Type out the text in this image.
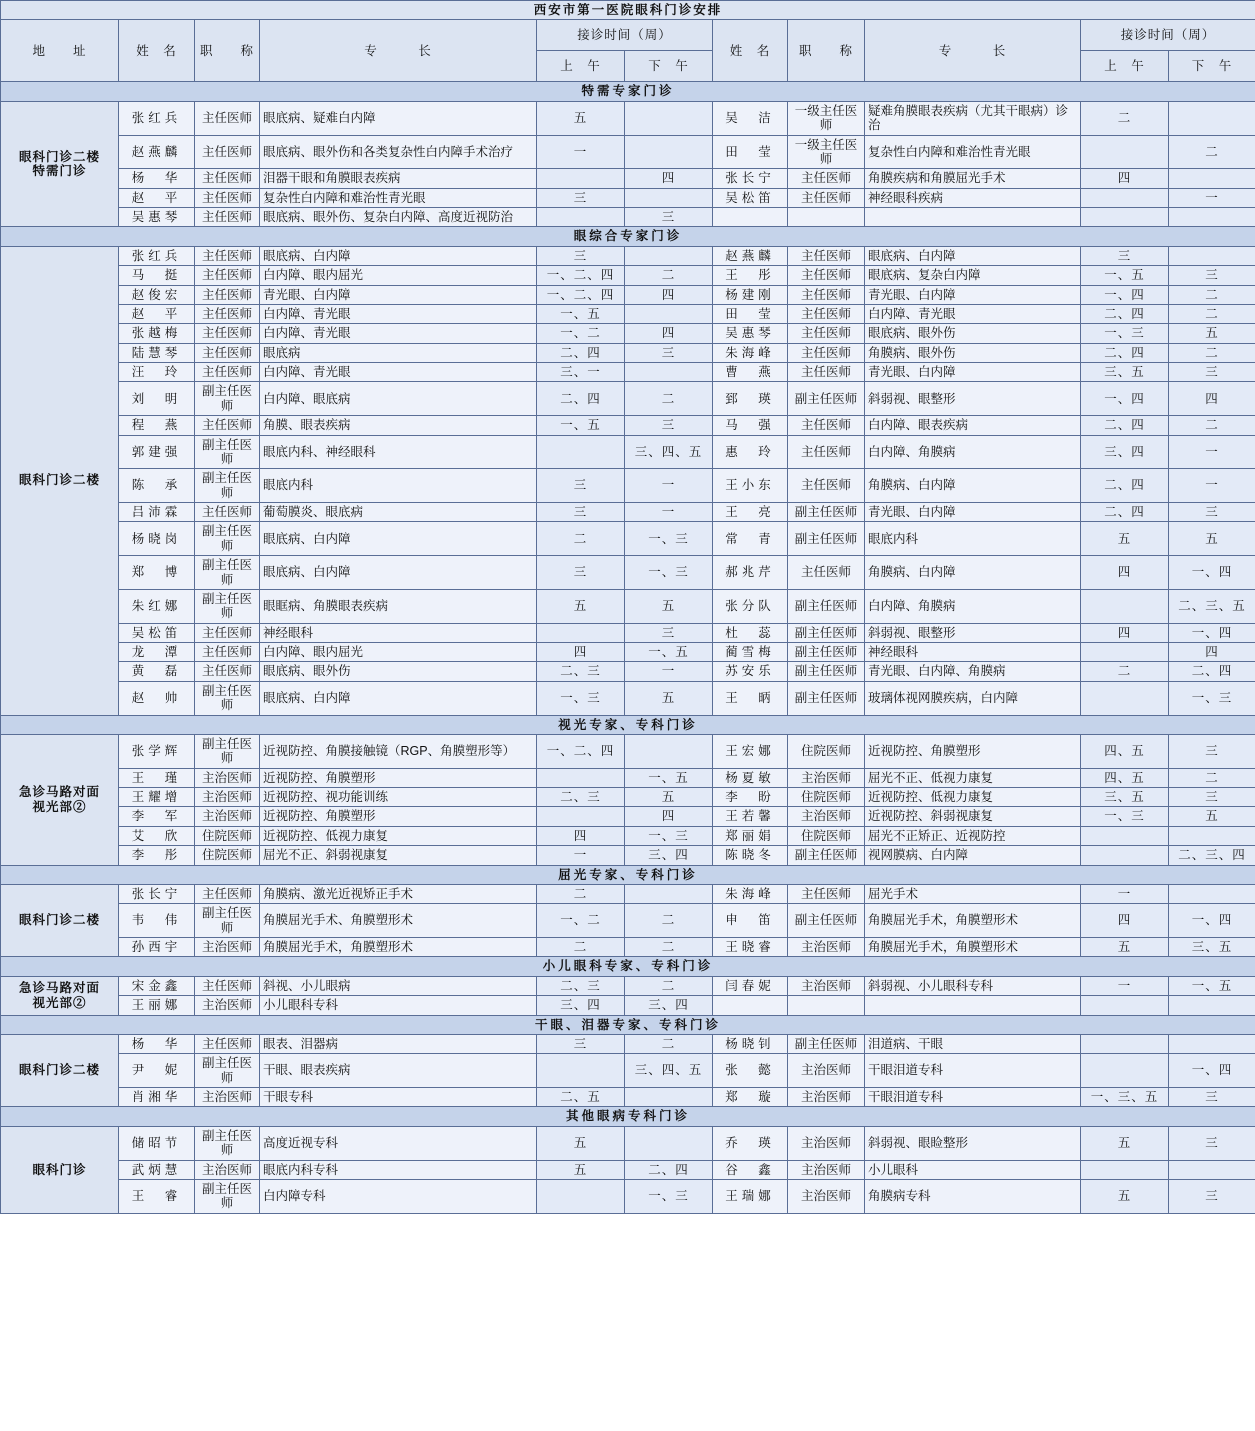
西安市第一医院眼科门诊安排										
地　　址	姓　名	职　　称	专　　　长	接诊时间（周）		姓　名	职　　称	专　　　长	接诊时间（周）	
				上　午	下　午				上　午	下　午
特需专家门诊										
眼科门诊二楼
特需门诊	张红兵	主任医师	眼底病、疑难白内障	五		吴　洁	一级主任医师	疑难角膜眼表疾病（尤其干眼病）诊治	二	
	赵燕麟	主任医师	眼底病、眼外伤和各类复杂性白内障手术治疗	一		田　莹	一级主任医师	复杂性白内障和难治性青光眼		二
	杨　华	主任医师	泪器干眼和角膜眼表疾病		四	张长宁	主任医师	角膜疾病和角膜屈光手术	四	
	赵　平	主任医师	复杂性白内障和难治性青光眼	三		吴松笛	主任医师	神经眼科疾病		一
	吴惠琴	主任医师	眼底病、眼外伤、复杂白内障、高度近视防治		三					
眼综合专家门诊										
眼科门诊二楼	张红兵	主任医师	眼底病、白内障	三		赵燕麟	主任医师	眼底病、白内障	三	
	马　挺	主任医师	白内障、眼内屈光	一、二、四	二	王　彤	主任医师	眼底病、复杂白内障	一、五	三
	赵俊宏	主任医师	青光眼、白内障	一、二、四	四	杨建刚	主任医师	青光眼、白内障	一、四	二
	赵　平	主任医师	白内障、青光眼	一、五		田　莹	主任医师	白内障、青光眼	二、四	二
	张越梅	主任医师	白内障、青光眼	一、二	四	吴惠琴	主任医师	眼底病、眼外伤	一、三	五
	陆慧琴	主任医师	眼底病	二、四	三	朱海峰	主任医师	角膜病、眼外伤	二、四	二
	汪　玲	主任医师	白内障、青光眼	三、一		曹　燕	主任医师	青光眼、白内障	三、五	三
	刘　明	副主任医师	白内障、眼底病	二、四	二	郅　瑛	副主任医师	斜弱视、眼整形	一、四	四
	程　燕	主任医师	角膜、眼表疾病	一、五	三	马　强	主任医师	白内障、眼表疾病	二、四	二
	郭建强	副主任医师	眼底内科、神经眼科		三、四、五	惠　玲	主任医师	白内障、角膜病	三、四	一
	陈　承	副主任医师	眼底内科	三	一	王小东	主任医师	角膜病、白内障	二、四	一
	吕沛霖	主任医师	葡萄膜炎、眼底病	三	一	王　亮	副主任医师	青光眼、白内障	二、四	三
	杨晓岗	副主任医师	眼底病、白内障	二	一、三	常　青	副主任医师	眼底内科	五	五
	郑　博	副主任医师	眼底病、白内障	三	一、三	郝兆芹	主任医师	角膜病、白内障	四	一、四
	朱红娜	副主任医师	眼眶病、角膜眼表疾病	五	五	张分队	副主任医师	白内障、角膜病		二、三、五
	吴松笛	主任医师	神经眼科		三	杜　蕊	副主任医师	斜弱视、眼整形	四	一、四
	龙　潭	主任医师	白内障、眼内屈光	四	一、五	蔺雪梅	副主任医师	神经眼科		四
	黄　磊	主任医师	眼底病、眼外伤	二、三	一	苏安乐	副主任医师	青光眼、白内障、角膜病	二	二、四
	赵　帅	副主任医师	眼底病、白内障	一、三	五	王　昞	副主任医师	玻璃体视网膜疾病，白内障		一、三
视光专家、专科门诊										
急诊马路对面
视光部②	张学辉	副主任医师	近视防控、角膜接触镜（RGP、角膜塑形等）	一、二、四		王宏娜	住院医师	近视防控、角膜塑形	四、五	三
	王　瑾	主治医师	近视防控、角膜塑形		一、五	杨夏敏	主治医师	屈光不正、低视力康复	四、五	二
	王耀增	主治医师	近视防控、视功能训练	二、三	五	李　盼	住院医师	近视防控、低视力康复	三、五	三
	李　军	主治医师	近视防控、角膜塑形		四	王若馨	主治医师	近视防控、斜弱视康复	一、三	五
	艾　欣	住院医师	近视防控、低视力康复	四	一、三	郑丽娟	住院医师	屈光不正矫正、近视防控		
	李　彤	住院医师	屈光不正、斜弱视康复	一	三、四	陈晓冬	副主任医师	视网膜病、白内障		二、三、四
屈光专家、专科门诊										
眼科门诊二楼	张长宁	主任医师	角膜病、激光近视矫正手术	二		朱海峰	主任医师	屈光手术	一	
	韦　伟	副主任医师	角膜屈光手术、角膜塑形术	一、二	二	申　笛	副主任医师	角膜屈光手术，角膜塑形术	四	一、四
	孙西宇	主治医师	角膜屈光手术，角膜塑形术	二	二	王晓睿	主治医师	角膜屈光手术，角膜塑形术	五	三、五
小儿眼科专家、专科门诊										
急诊马路对面
视光部②	宋金鑫	主任医师	斜视、小儿眼病	二、三	二	闫春妮	主治医师	斜弱视、小儿眼科专科	一	一、五
	王丽娜	主治医师	小儿眼科专科	三、四	三、四					
干眼、泪器专家、专科门诊										
眼科门诊二楼	杨　华	主任医师	眼表、泪器病	三	二	杨晓钊	副主任医师	泪道病、干眼		
	尹　妮	副主任医师	干眼、眼表疾病		三、四、五	张　懿	主治医师	干眼泪道专科		一、四
	肖湘华	主治医师	干眼专科	二、五		郑　璇	主治医师	干眼泪道专科	一、三、五	三
其他眼病专科门诊										
眼科门诊	储昭节	副主任医师	高度近视专科	五		乔　瑛	主治医师	斜弱视、眼睑整形	五	三
	武炳慧	主治医师	眼底内科专科	五	二、四	谷　鑫	主治医师	小儿眼科		
	王　睿	副主任医师	白内障专科		一、三	王瑞娜	主治医师	角膜病专科	五	三
